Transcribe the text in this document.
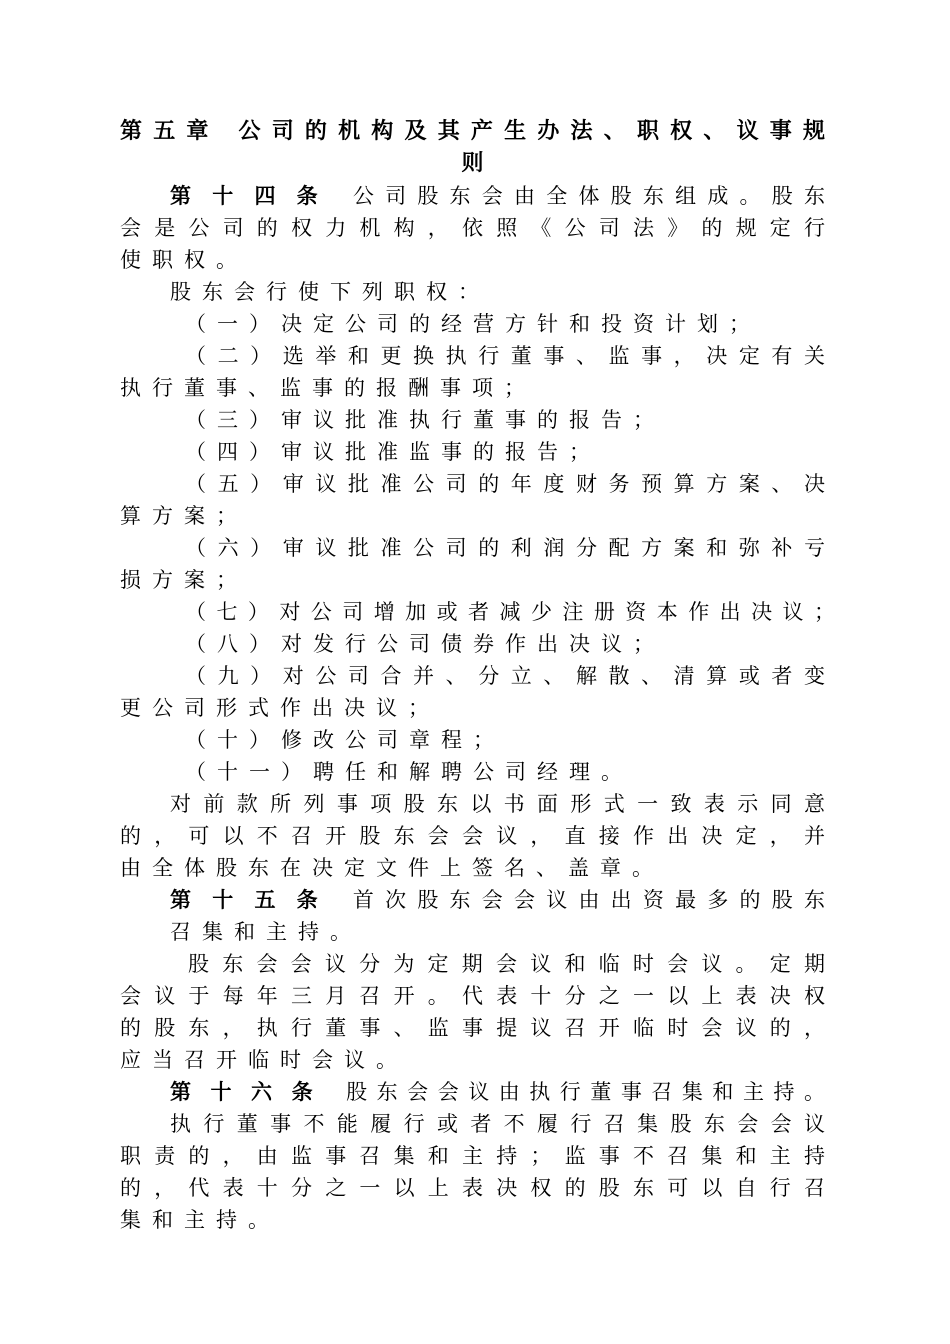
第五章 公司的机构及其产生办法、职权、议事规
则
第十四条 公司股东会由全体股东组成。股东
会是公司的权力机构，依照《公司法》的规定行
使职权。
股东会行使下列职权：
（一）决定公司的经营方针和投资计划；
（二）选举和更换执行董事、监事，决定有关
执行董事、监事的报酬事项；
（三）审议批准执行董事的报告；
（四）审议批准监事的报告；
（五）审议批准公司的年度财务预算方案、决
算方案；
（六）审议批准公司的利润分配方案和弥补亏
损方案；
（七）对公司增加或者减少注册资本作出决议；
（八）对发行公司债券作出决议；
（九）对公司合并、分立、解散、清算或者变
更公司形式作出决议；
（十）修改公司章程；
（十一）聘任和解聘公司经理。
对前款所列事项股东以书面形式一致表示同意
的，可以不召开股东会会议，直接作出决定，并
由全体股东在决定文件上签名、盖章。
第十五条 首次股东会会议由出资最多的股东
召集和主持。
股东会会议分为定期会议和临时会议。定期
会议于每年三月召开。代表十分之一以上表决权
的股东，执行董事、监事提议召开临时会议的，
应当召开临时会议。
第十六条 股东会会议由执行董事召集和主持。
执行董事不能履行或者不履行召集股东会会议
职责的，由监事召集和主持；监事不召集和主持
的，代表十分之一以上表决权的股东可以自行召
集和主持。
